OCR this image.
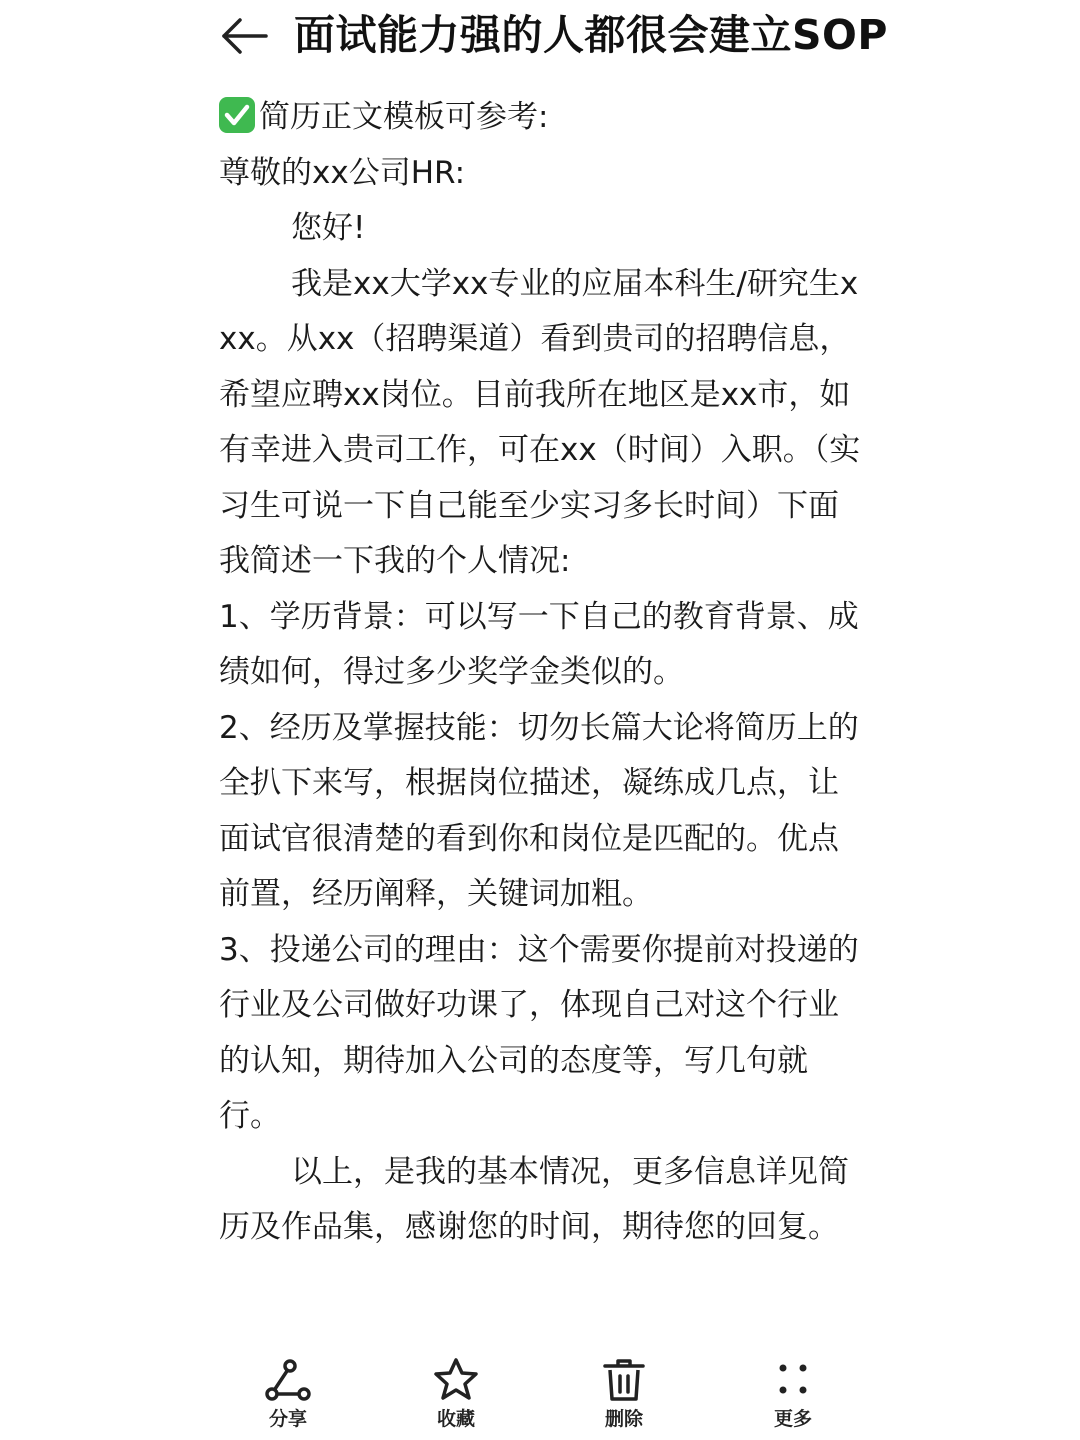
面试能力强的人都很会建立SOP

简历正文模板可参考:

尊敬的xx公司HR:

您好!

我是xx大学xx专业的应届本科生/研究生xxx。从xx（招聘渠道）看到贵司的招聘信息，希望应聘xx岗位。目前我所在地区是xx市，如有幸进入贵司工作，可在xx（时间）入职。（实习生可说一下自己能至少实习多长时间）下面我简述一下我的个人情况:

1、学历背景：可以写一下自己的教育背景、成绩如何，得过多少奖学金类似的。

2、经历及掌握技能：切勿长篇大论将简历上的全扒下来写，根据岗位描述，凝练成几点，让面试官很清楚的看到你和岗位是匹配的。优点前置，经历阐释，关键词加粗。

3、投递公司的理由：这个需要你提前对投递的行业及公司做好功课了，体现自己对这个行业的认知，期待加入公司的态度等，写几句就行。

以上，是我的基本情况，更多信息详见简历及作品集，感谢您的时间，期待您的回复。

分享	收藏	删除	更多
